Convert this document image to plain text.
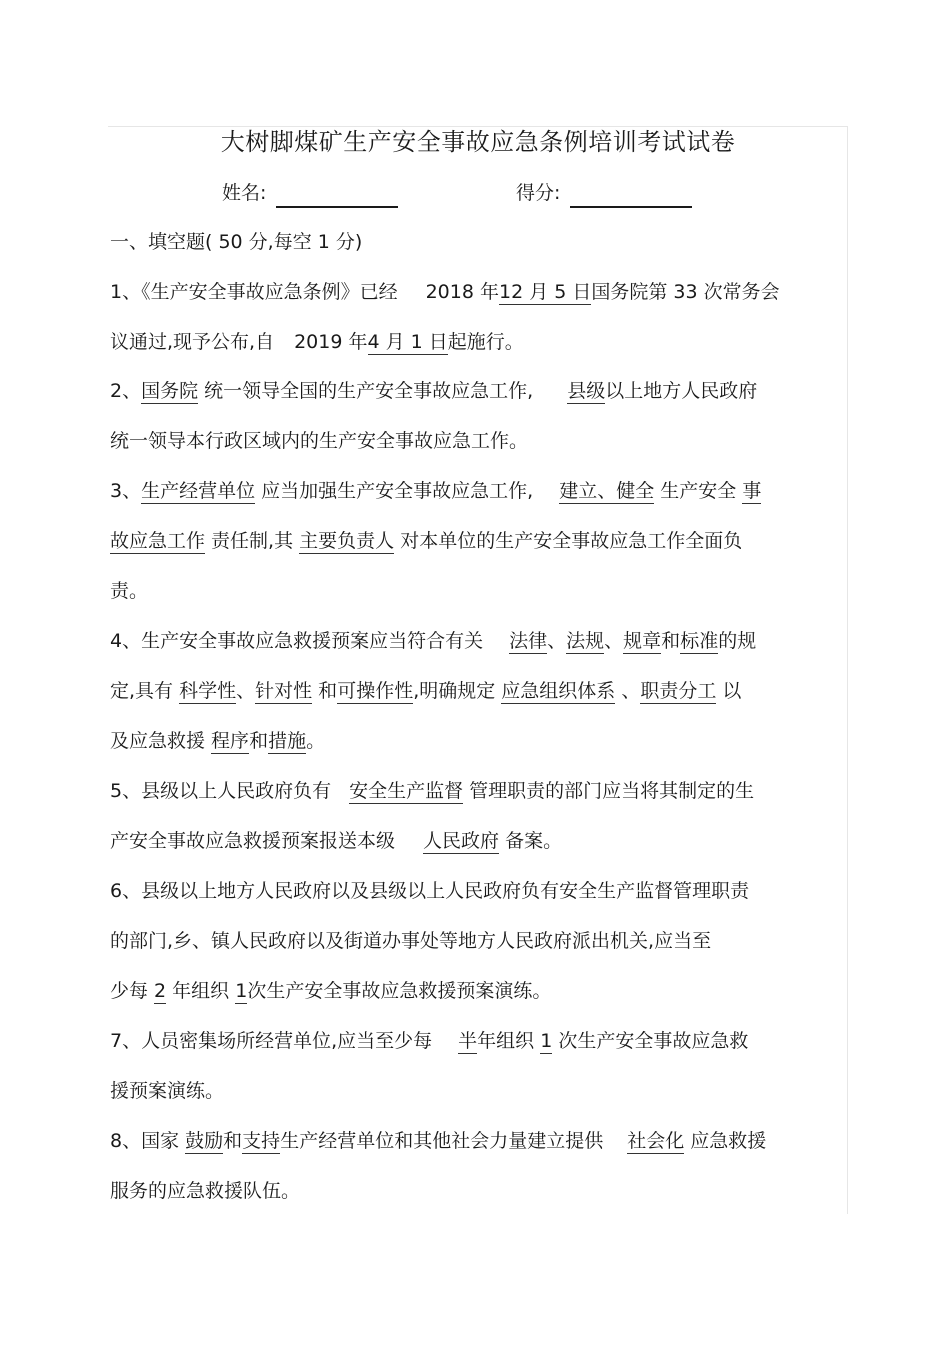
大树脚煤矿生产安全事故应急条例培训考试试卷
姓名:	得分:
一、填空题( 50 分,每空 1 分)
1、《生产安全事故应急条例》已经 2018 年12 月 5 日国务院第 33 次常务会
议通过,现予公布,自 2019 年4 月 1 日起施行。
2、国务院 统一领导全国的生产安全事故应急工作, 县级以上地方人民政府
统一领导本行政区域内的生产安全事故应急工作。
3、生产经营单位 应当加强生产安全事故应急工作, 建立、健全 生产安全 事
故应急工作 责任制,其 主要负责人 对本单位的生产安全事故应急工作全面负
责。
4、生产安全事故应急救援预案应当符合有关 法律、法规、规章和标准的规
定,具有 科学性、针对性 和可操作性,明确规定 应急组织体系 、职责分工 以
及应急救援 程序和措施。
5、县级以上人民政府负有 安全生产监督 管理职责的部门应当将其制定的生
产安全事故应急救援预案报送本级 人民政府 备案。
6、县级以上地方人民政府以及县级以上人民政府负有安全生产监督管理职责
的部门,乡、镇人民政府以及街道办事处等地方人民政府派出机关,应当至
少每 2 年组织 1次生产安全事故应急救援预案演练。
7、人员密集场所经营单位,应当至少每 半年组织 1 次生产安全事故应急救
援预案演练。
8、国家 鼓励和支持生产经营单位和其他社会力量建立提供 社会化 应急救援
服务的应急救援队伍。
